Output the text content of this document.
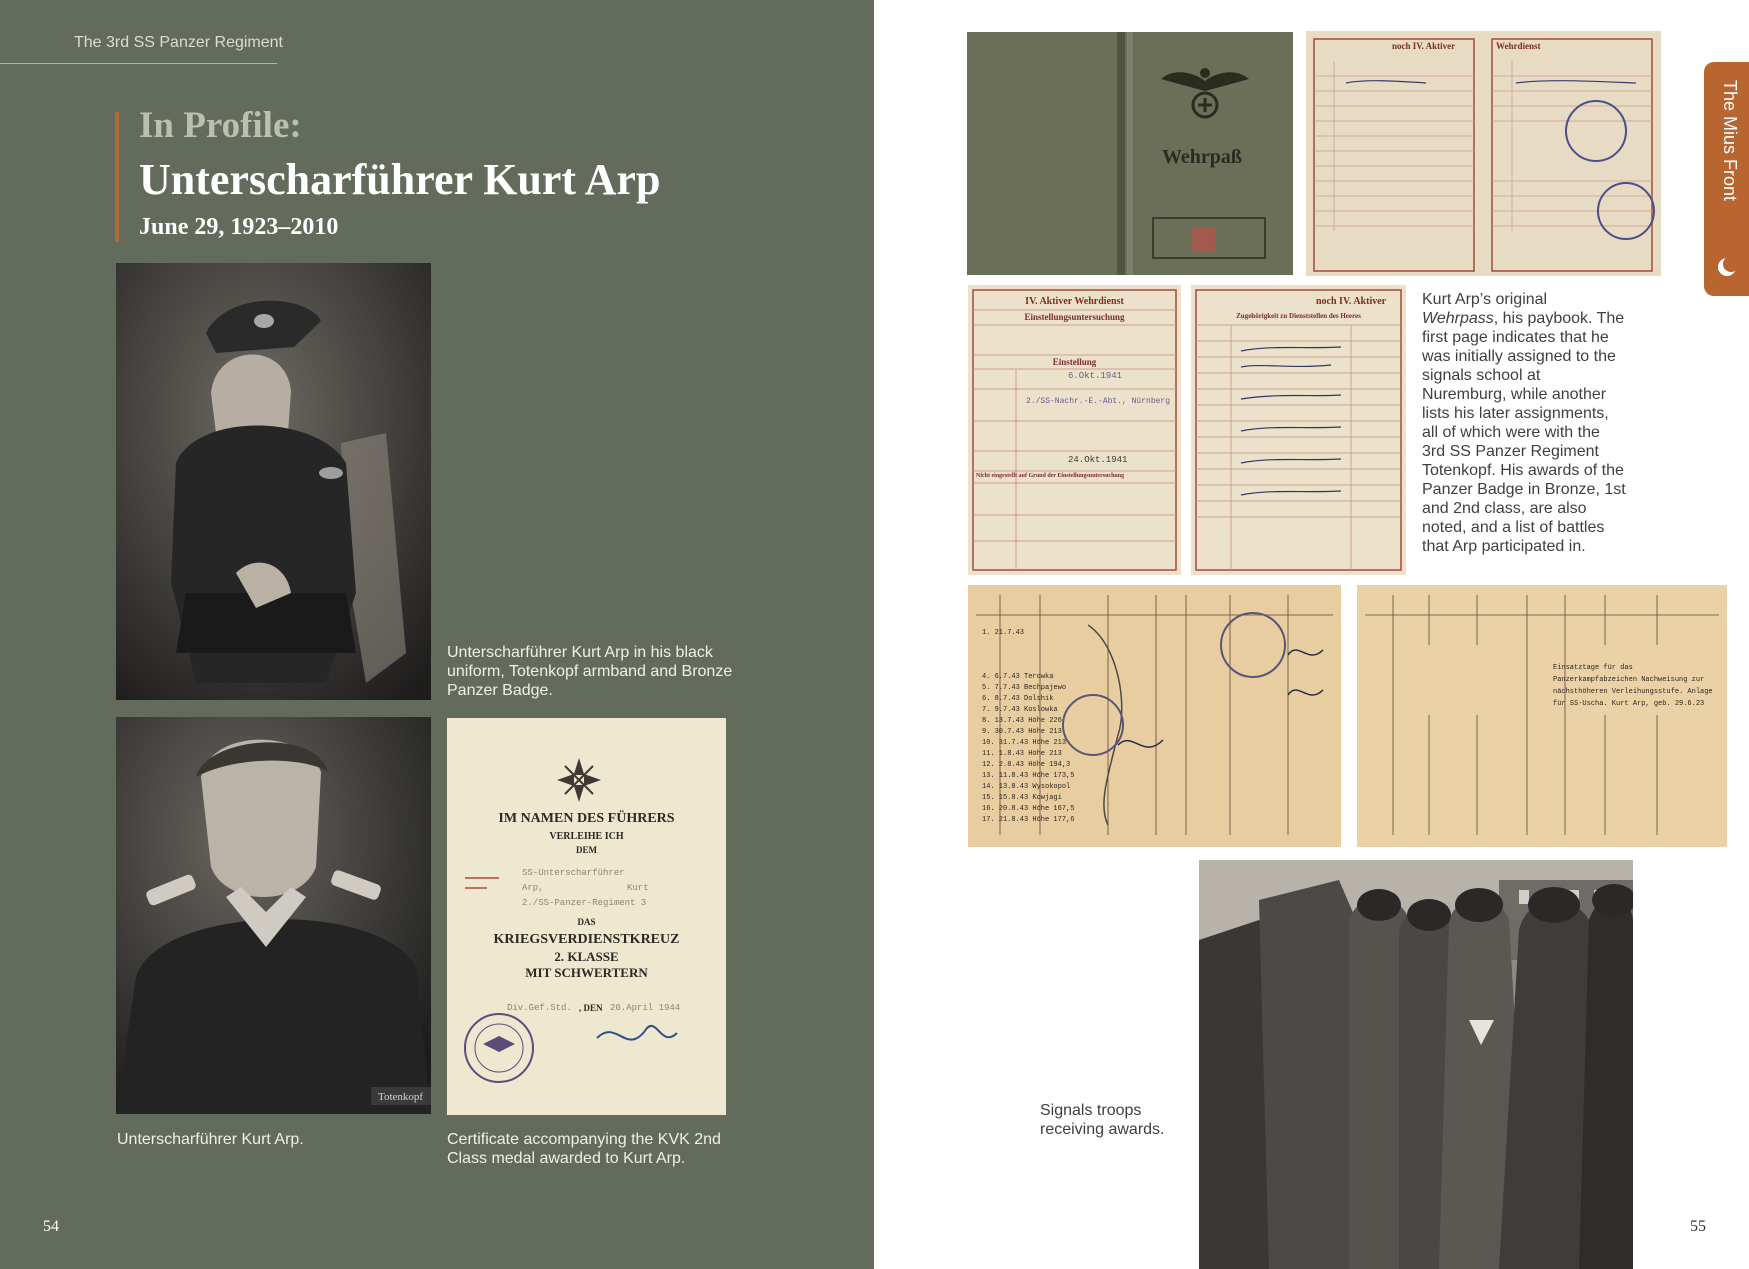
The 3rd SS Panzer Regiment
In Profile:
Unterscharführer Kurt Arp
June 29, 1923–2010
Unterscharführer Kurt Arp in his black uniform, Totenkopf armband and Bronze Panzer Badge.
Totenkopf
Unterscharführer Kurt Arp.
IM NAMEN DES FÜHRERS
VERLEIHE ICH
DEM
SS-Unterscharführer
Arp,	Kurt
2./SS-Panzer-Regiment 3
DAS
KRIEGSVERDIENSTKREUZ
2. KLASSE
MIT SCHWERTERN
Div.Gef.Std. , DEN 20.April 1944
Certificate accompanying the KVK 2nd Class medal awarded to Kurt Arp.
54
Wehrpaß
noch IV. Aktiver	Wehrdienst
IV. Aktiver Wehrdienst
Einstellungsuntersuchung
Einstellung
6.Okt.1941
2./SS-Nachr.-E.-Abt., Nürnberg
24.Okt.1941
Nicht eingestellt auf Grund der Einstellungsuntersuchung
noch IV. Aktiver
Zugehörigkeit zu Dienststellen des Heeres
Kurt Arp’s original Wehrpass, his paybook. The first page indicates that he was initially assigned to the signals school at Nuremburg, while another lists his later assignments, all of which were with the 3rd SS Panzer Regiment Totenkopf. His awards of the Panzer Badge in Bronze, 1st and 2nd class, are also noted, and a list of battles that Arp participated in.
1. 21.7.43
4. 6.7.43 Terowka
5. 7.7.43 Bechpajewo
6. 8.7.43 Dolshik
7. 9.7.43 Koslowka
8. 13.7.43 Höhe 226
9. 30.7.43 Höhe 213
10. 31.7.43 Höhe 213
11. 1.8.43 Höhe 213
12. 2.8.43 Höhe 194,3
13. 11.8.43 Höhe 173,5
14. 13.8.43 Wysokopol
15. 15.8.43 Kowjagi
16. 20.8.43 Höhe 167,5
17. 21.8.43 Höhe 177,6
Einsatztage für das Panzerkampfabzeichen Nachweisung zur nächsthöheren Verleihungsstufe. Anlage für SS-Uscha. Kurt Arp, geb. 29.6.23
Signals troops receiving awards.
The Mius Front
55
